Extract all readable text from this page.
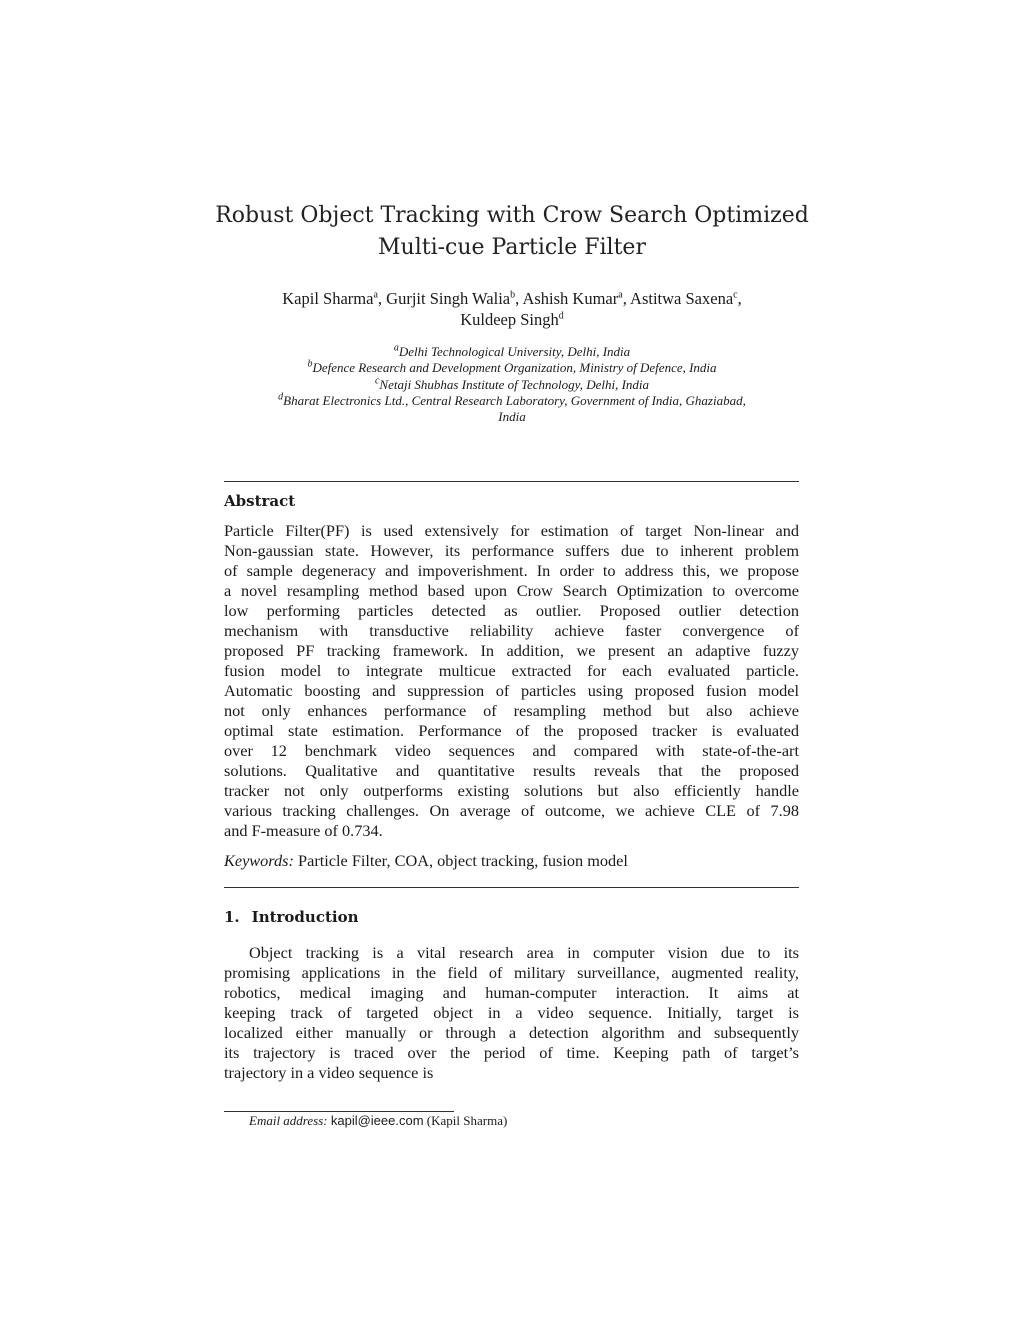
Robust Object Tracking with Crow Search Optimized
Multi-cue Particle Filter
Kapil Sharma$^a$, Gurjit Singh Walia$^b$, Ashish Kumar$^a$, Astitwa Saxena$^c$,
Kuldeep Singh$^d$
$^a$Delhi Technological University, Delhi, India
$^b$Defence Research and Development Organization, Ministry of Defence, India
$^c$Netaji Shubhas Institute of Technology, Delhi, India
$^d$Bharat Electronics Ltd., Central Research Laboratory, Government of India, Ghaziabad,
India
Abstract
Particle Filter(PF) is used extensively for estimation of target Non-linear and
Non-gaussian state. However, its performance suffers due to inherent problem
of sample degeneracy and impoverishment. In order to address this, we propose
a novel resampling method based upon Crow Search Optimization to overcome
low performing particles detected as outlier. Proposed outlier detection
mechanism with transductive reliability achieve faster convergence of
proposed PF tracking framework. In addition, we present an adaptive fuzzy
fusion model to integrate multicue extracted for each evaluated particle.
Automatic boosting and suppression of particles using proposed fusion model
not only enhances performance of resampling method but also achieve
optimal state estimation. Performance of the proposed tracker is evaluated
over 12 benchmark video sequences and compared with state-of-the-art
solutions. Qualitative and quantitative results reveals that the proposed
tracker not only outperforms existing solutions but also efficiently handle
various tracking challenges. On average of outcome, we achieve CLE of 7.98
and F-measure of 0.734.
Keywords: Particle Filter, COA, object tracking, fusion model
1. Introduction
Object tracking is a vital research area in computer vision due to its
promising applications in the field of military surveillance, augmented reality,
robotics, medical imaging and human-computer interaction. It aims at
keeping track of targeted object in a video sequence. Initially, target is
localized either manually or through a detection algorithm and subsequently
its trajectory is traced over the period of time. Keeping path of target’s
trajectory in a video sequence is
Email address: kapil@ieee.com (Kapil Sharma)
